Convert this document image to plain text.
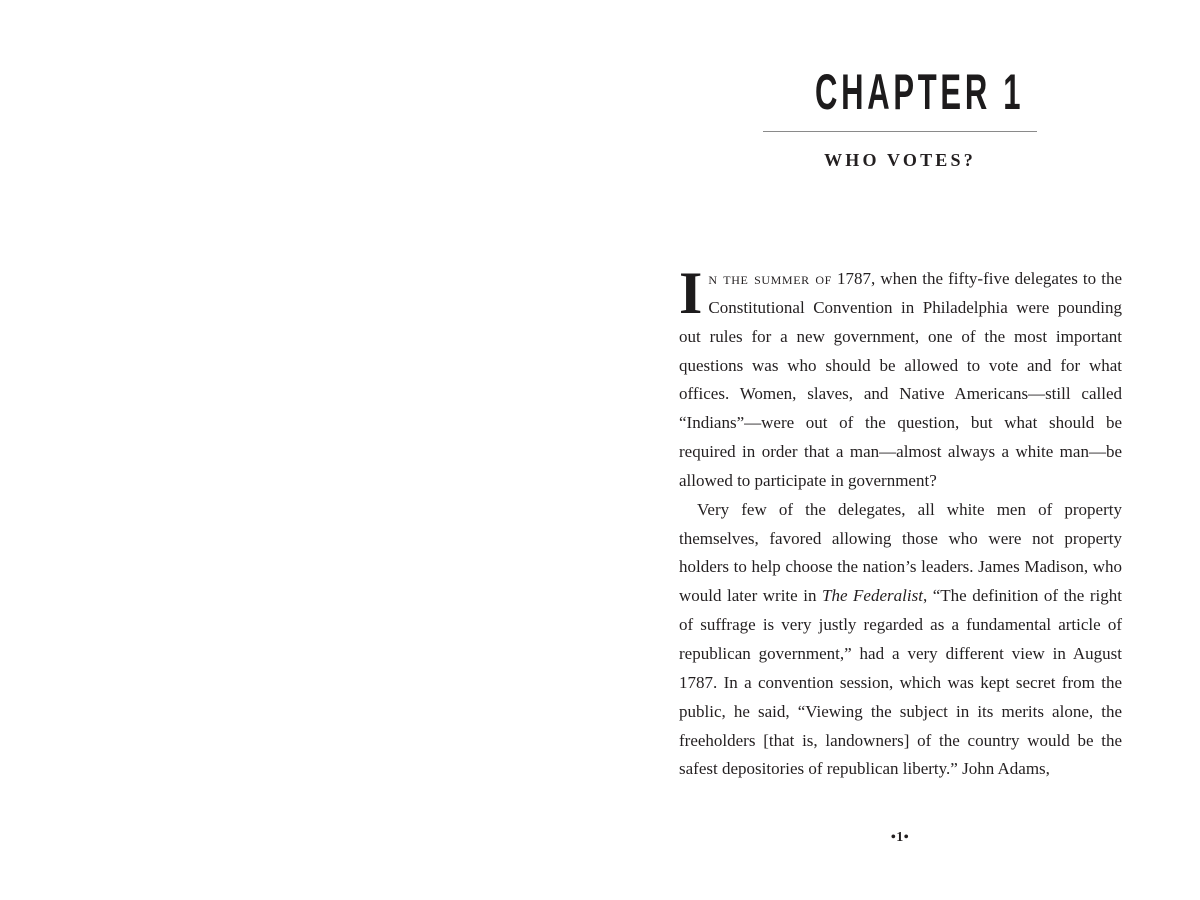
CHAPTER 1
WHO VOTES?

In the summer of 1787, when the fifty-five delegates to the Constitutional Convention in Philadelphia were pounding out rules for a new government, one of the most important questions was who should be allowed to vote and for what offices. Women, slaves, and Native Americans—still called “Indians”—were out of the question, but what should be required in order that a man—almost always a white man—be allowed to participate in government?

Very few of the delegates, all white men of property themselves, favored allowing those who were not property holders to help choose the nation’s leaders. James Madison, who would later write in The Federalist, “The definition of the right of suffrage is very justly regarded as a fundamental article of republican government,” had a very different view in August 1787. In a convention session, which was kept secret from the public, he said, “Viewing the subject in its merits alone, the freeholders [that is, landowners] of the country would be the safest depositories of republican liberty.” John Adams,

•1•
